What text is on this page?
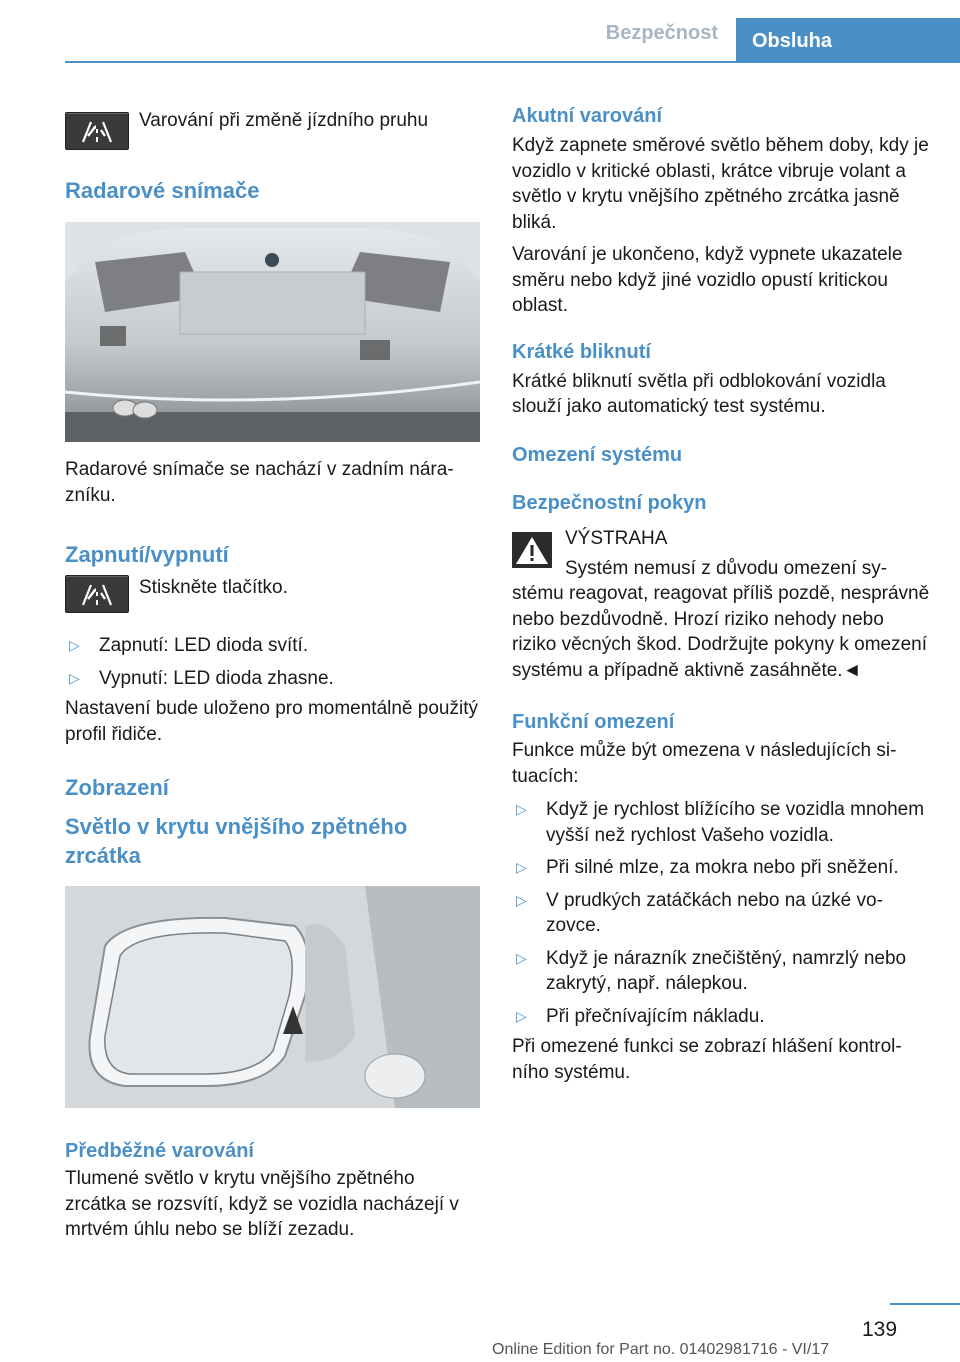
Bezpečnost	Obsluha
Varování při změně jízdního pruhu
Radarové snímače

Radarové snímače se nachází v zadním nárazníku.

Zapnutí/vypnutí
Stiskněte tlačítko.
▷ Zapnutí: LED dioda svítí.
▷ Vypnutí: LED dioda zhasne.

Nastavení bude uloženo pro momentálně použitý profil řidiče.

Zobrazení
Světlo v krytu vnějšího zpětného zrcátka
Předběžné varování

Tlumené světlo v krytu vnějšího zpětného zrcátka se rozsvítí, když se vozidla nacházejí v mrtvém úhlu nebo se blíží zezadu.

Akutní varování

Když zapnete směrové světlo během doby, kdy je vozidlo v kritické oblasti, krátce vibruje volant a světlo v krytu vnějšího zpětného zrcátka jasně bliká.

Varování je ukončeno, když vypnete ukazatele směru nebo když jiné vozidlo opustí kritickou oblast.

Krátké bliknutí

Krátké bliknutí světla při odblokování vozidla slouží jako automatický test systému.

Omezení systému
Bezpečnostní pokyn
VÝSTRAHA

Systém nemusí z důvodu omezení systému reagovat, reagovat příliš pozdě, nesprávně nebo bezdůvodně. Hrozí riziko nehody nebo riziko věcných škod. Dodržujte pokyny k omezení systému a případně aktivně zasáhněte.◄

Funkční omezení

Funkce může být omezena v následujících situacích:

▷ Když je rychlost blížícího se vozidla mnohem vyšší než rychlost Vašeho vozidla.
▷ Při silné mlze, za mokra nebo při sněžení.
▷ V prudkých zatáčkách nebo na úzké vozovce.
▷ Když je nárazník znečištěný, namrzlý nebo zakrytý, např. nálepkou.
▷ Při přečnívajícím nákladu.

Při omezené funkci se zobrazí hlášení kontrolního systému.

139
Online Edition for Part no. 01402981716 - VI/17
